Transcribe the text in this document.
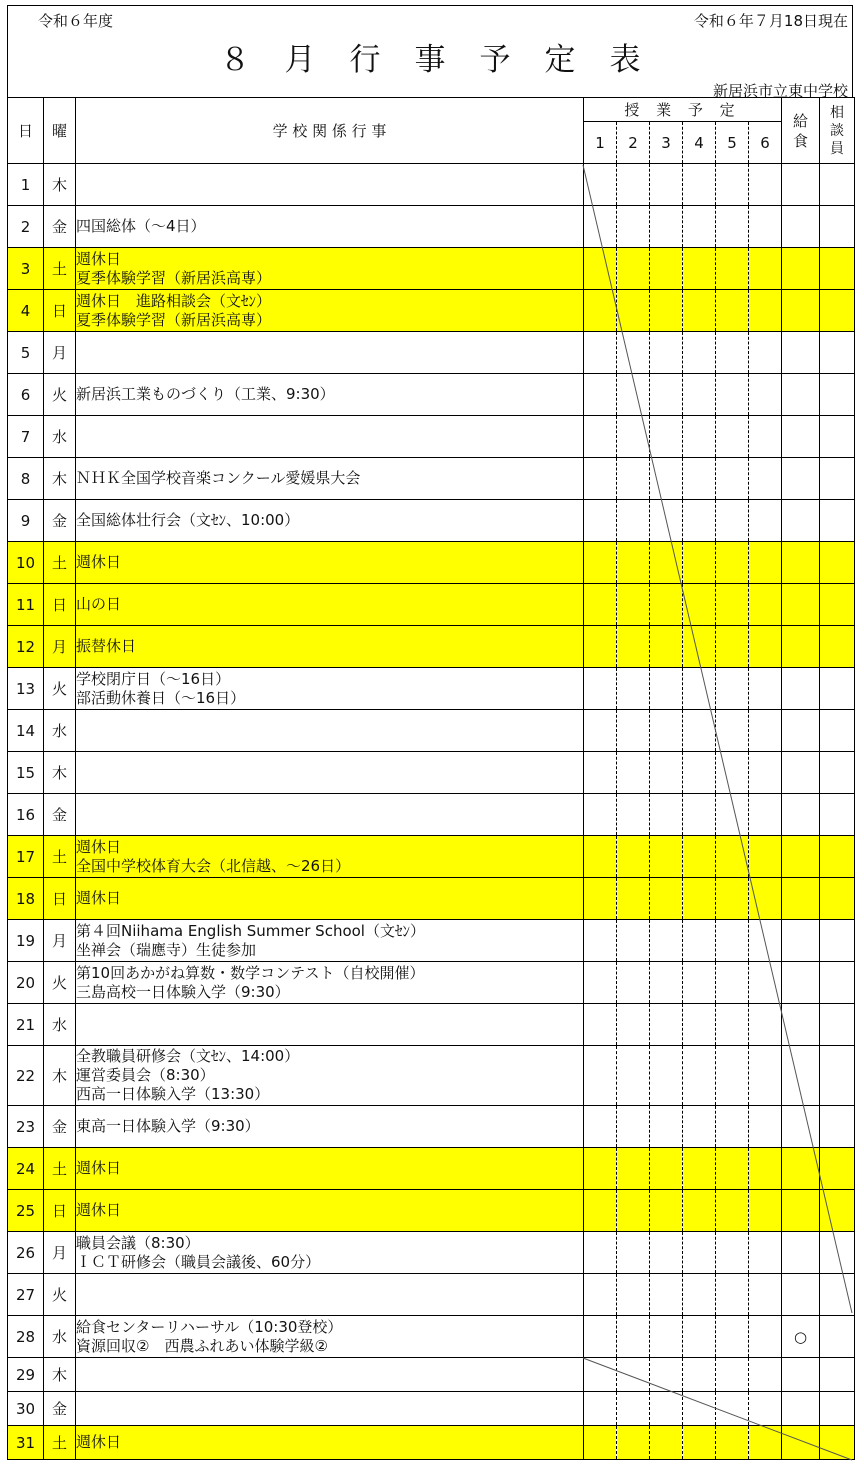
令和６年度	令和６年７月18日現在
８月行事予定表
新居浜市立東中学校
日	曜	学 校 関 係 行 事	授 業 予 定						給食	相談員

			1	2	3	4	5	6		
1	木									
2	金	四国総体（～4日）								

3	土	週休日
夏季体験学習（新居浜高専）								

4	日	週休日　進路相談会（文ｾﾝ）
夏季体験学習（新居浜高専）								

5	月									
6	火	新居浜工業ものづくり（工業、9:30）								

7	水									
8	木	ＮＨＫ全国学校音楽コンクール愛媛県大会								

9	金	全国総体壮行会（文ｾﾝ、10:00）								

10	土	週休日								

11	日	山の日								

12	月	振替休日								

13	火	学校閉庁日（～16日）
部活動休養日（～16日）								

14	水									
15	木									
16	金									
17	土	週休日
全国中学校体育大会（北信越、～26日）								

18	日	週休日								

19	月	第４回Niihama English Summer School（文ｾﾝ）
坐禅会（瑞應寺）生徒参加								

20	火	第10回あかがね算数・数学コンテスト（自校開催）
三島高校一日体験入学（9:30）								

21	水									
22	木	全教職員研修会（文ｾﾝ、14:00）
運営委員会（8:30）
西高一日体験入学（13:30）								

23	金	東高一日体験入学（9:30）								

24	土	週休日								

25	日	週休日								

26	月	職員会議（8:30）
ＩＣＴ研修会（職員会議後、60分）								

27	火									
28	水	給食センターリハーサル（10:30登校）
資源回収②　西農ふれあい体験学級②							○	
29	木									
30	金									
31	土	週休日								
